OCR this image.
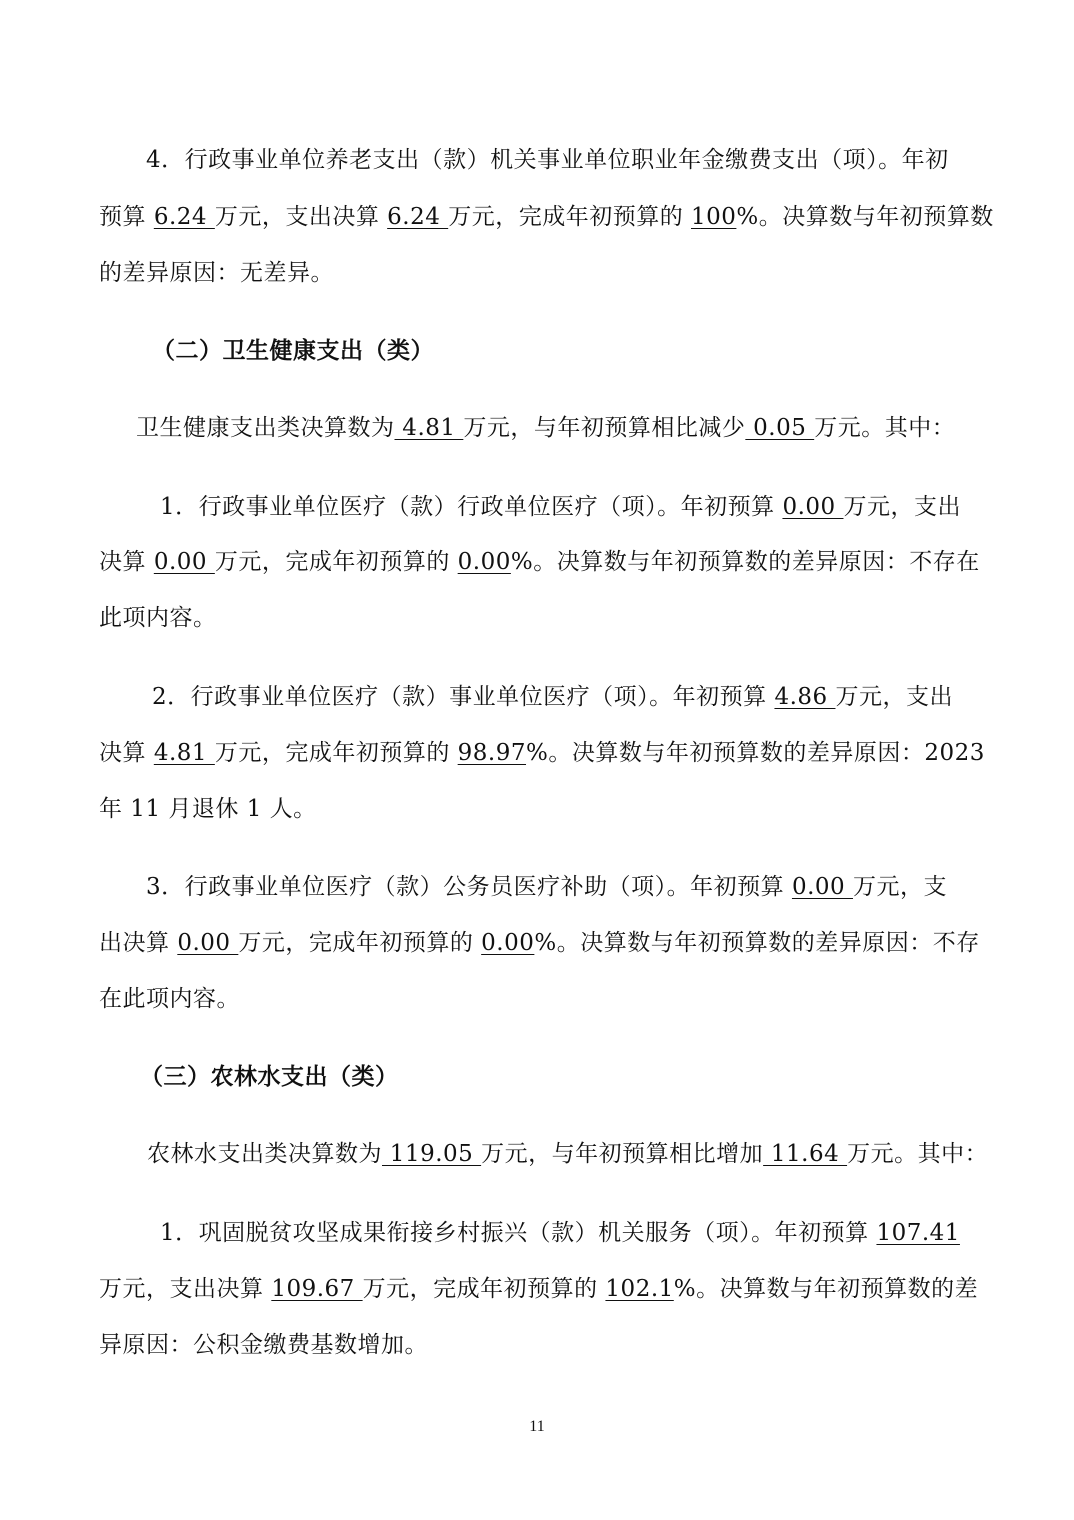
4．行政事业单位养老支出（款）机关事业单位职业年金缴费支出（项）。年初
预算 6.24 万元，支出决算 6.24 万元，完成年初预算的 100%。决算数与年初预算数
的差异原因：无差异。
（二）卫生健康支出（类）
卫生健康支出类决算数为 4.81 万元，与年初预算相比减少 0.05 万元。其中：
1．行政事业单位医疗（款）行政单位医疗（项）。年初预算 0.00 万元，支出
决算 0.00 万元，完成年初预算的 0.00%。决算数与年初预算数的差异原因：不存在
此项内容。
2．行政事业单位医疗（款）事业单位医疗（项）。年初预算 4.86 万元，支出
决算 4.81 万元，完成年初预算的 98.97%。决算数与年初预算数的差异原因：2023
年 11 月退休 1 人。
3．行政事业单位医疗（款）公务员医疗补助（项）。年初预算 0.00 万元，支
出决算 0.00 万元，完成年初预算的 0.00%。决算数与年初预算数的差异原因：不存
在此项内容。
（三）农林水支出（类）
农林水支出类决算数为 119.05 万元，与年初预算相比增加 11.64 万元。其中：
1．巩固脱贫攻坚成果衔接乡村振兴（款）机关服务（项）。年初预算 107.41
万元，支出决算 109.67 万元，完成年初预算的 102.1%。决算数与年初预算数的差
异原因：公积金缴费基数增加。
11
